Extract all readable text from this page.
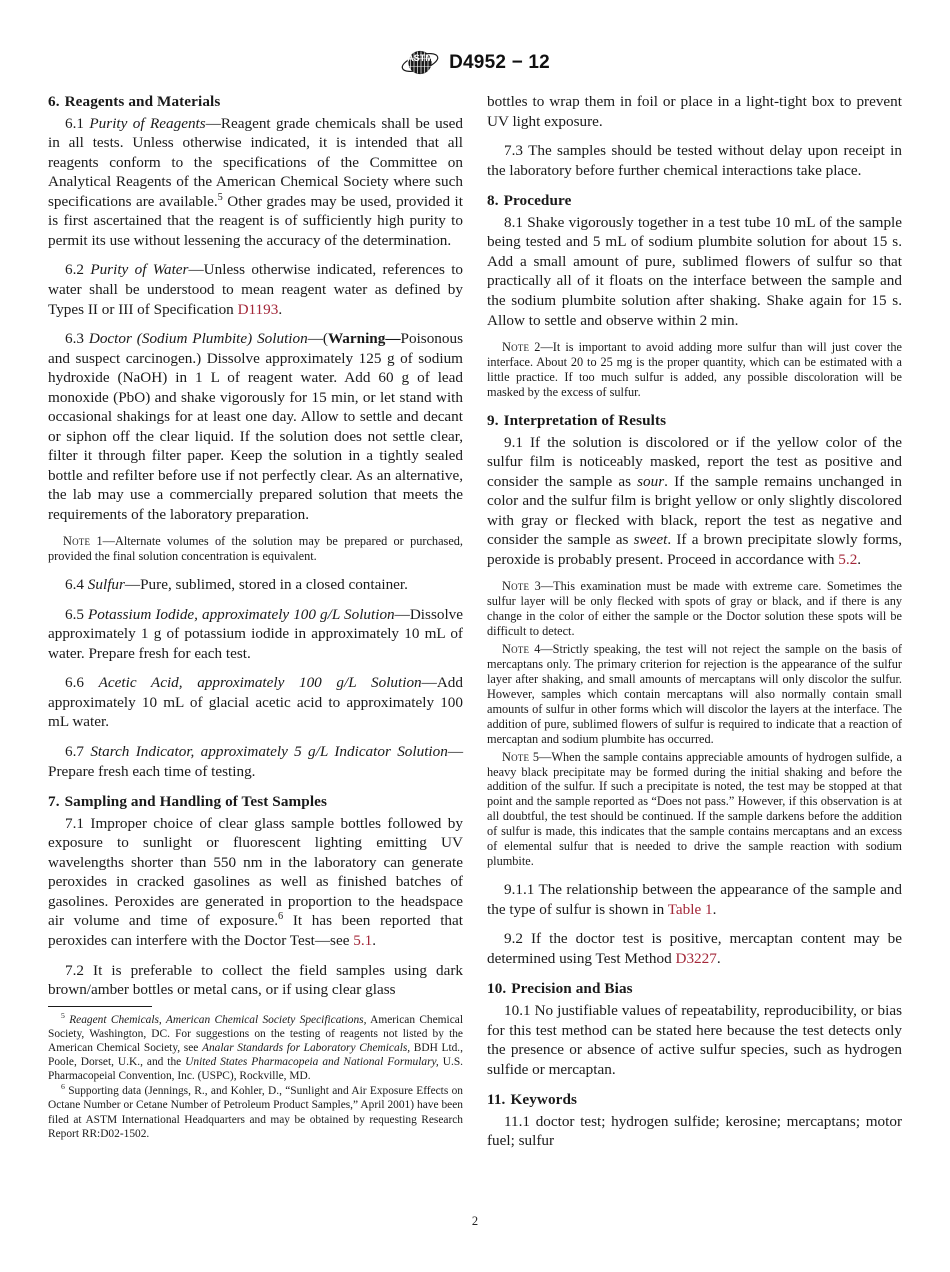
ASTM D4952 − 12
6. Reagents and Materials

6.1 Purity of Reagents—Reagent grade chemicals shall be used in all tests. Unless otherwise indicated, it is intended that all reagents conform to the specifications of the Committee on Analytical Reagents of the American Chemical Society where such specifications are available.$^5$ Other grades may be used, provided it is first ascertained that the reagent is of sufficiently high purity to permit its use without lessening the accuracy of the determination.

6.2 Purity of Water—Unless otherwise indicated, references to water shall be understood to mean reagent water as defined by Types II or III of Specification D1193.

6.3 Doctor (Sodium Plumbite) Solution—(Warning—Poisonous and suspect carcinogen.) Dissolve approximately 125 g of sodium hydroxide (NaOH) in 1 L of reagent water. Add 60 g of lead monoxide (PbO) and shake vigorously for 15 min, or let stand with occasional shakings for at least one day. Allow to settle and decant or siphon off the clear liquid. If the solution does not settle clear, filter it through filter paper. Keep the solution in a tightly sealed bottle and refilter before use if not perfectly clear. As an alternative, the lab may use a commercially prepared solution that meets the requirements of the laboratory preparation.

Note 1—Alternate volumes of the solution may be prepared or purchased, provided the final solution concentration is equivalent.

6.4 Sulfur—Pure, sublimed, stored in a closed container.

6.5 Potassium Iodide, approximately 100 g/L Solution—Dissolve approximately 1 g of potassium iodide in approximately 10 mL of water. Prepare fresh for each test.

6.6 Acetic Acid, approximately 100 g/L Solution—Add approximately 10 mL of glacial acetic acid to approximately 100 mL water.

6.7 Starch Indicator, approximately 5 g/L Indicator Solution—Prepare fresh each time of testing.

7. Sampling and Handling of Test Samples

7.1 Improper choice of clear glass sample bottles followed by exposure to sunlight or fluorescent lighting emitting UV wavelengths shorter than 550 nm in the laboratory can generate peroxides in cracked gasolines as well as finished batches of gasolines. Peroxides are generated in proportion to the headspace air volume and time of exposure.$^6$ It has been reported that peroxides can interfere with the Doctor Test—see 5.1.

7.2 It is preferable to collect the field samples using dark brown/amber bottles or metal cans, or if using clear glass

bottles to wrap them in foil or place in a light-tight box to prevent UV light exposure.

7.3 The samples should be tested without delay upon receipt in the laboratory before further chemical interactions take place.

8. Procedure

8.1 Shake vigorously together in a test tube 10 mL of the sample being tested and 5 mL of sodium plumbite solution for about 15 s. Add a small amount of pure, sublimed flowers of sulfur so that practically all of it floats on the interface between the sample and the sodium plumbite solution after shaking. Shake again for 15 s. Allow to settle and observe within 2 min.

Note 2—It is important to avoid adding more sulfur than will just cover the interface. About 20 to 25 mg is the proper quantity, which can be estimated with a little practice. If too much sulfur is added, any possible discoloration will be masked by the excess of sulfur.

9. Interpretation of Results

9.1 If the solution is discolored or if the yellow color of the sulfur film is noticeably masked, report the test as positive and consider the sample as sour. If the sample remains unchanged in color and the sulfur film is bright yellow or only slightly discolored with gray or flecked with black, report the test as negative and consider the sample as sweet. If a brown precipitate slowly forms, peroxide is probably present. Proceed in accordance with 5.2.

Note 3—This examination must be made with extreme care. Sometimes the sulfur layer will be only flecked with spots of gray or black, and if there is any change in the color of either the sample or the Doctor solution these spots will be difficult to detect.

Note 4—Strictly speaking, the test will not reject the sample on the basis of mercaptans only. The primary criterion for rejection is the appearance of the sulfur layer after shaking, and small amounts of mercaptans will only discolor the sulfur. However, samples which contain mercaptans will also normally contain small amounts of sulfur in other forms which will discolor the layers at the interface. The addition of pure, sublimed flowers of sulfur is required to indicate that a reaction of mercaptan and sodium plumbite has occurred.

Note 5—When the sample contains appreciable amounts of hydrogen sulfide, a heavy black precipitate may be formed during the initial shaking and before the addition of the sulfur. If such a precipitate is noted, the test may be stopped at that point and the sample reported as “Does not pass.” However, if this observation is at all doubtful, the test should be continued. If the sample darkens before the addition of sulfur is made, this indicates that the sample contains mercaptans and an excess of elemental sulfur that is needed to drive the sample reaction with sodium plumbite.

9.1.1 The relationship between the appearance of the sample and the type of sulfur is shown in Table 1.

9.2 If the doctor test is positive, mercaptan content may be determined using Test Method D3227.

10. Precision and Bias

10.1 No justifiable values of repeatability, reproducibility, or bias for this test method can be stated here because the test detects only the presence or absence of active sulfur species, such as hydrogen sulfide or mercaptan.

11. Keywords

11.1 doctor test; hydrogen sulfide; kerosine; mercaptans; motor fuel; sulfur

$^5$ Reagent Chemicals, American Chemical Society Specifications, American Chemical Society, Washington, DC. For suggestions on the testing of reagents not listed by the American Chemical Society, see Analar Standards for Laboratory Chemicals, BDH Ltd., Poole, Dorset, U.K., and the United States Pharmacopeia and National Formulary, U.S. Pharmacopeial Convention, Inc. (USPC), Rockville, MD.

$^6$ Supporting data (Jennings, R., and Kohler, D., “Sunlight and Air Exposure Effects on Octane Number or Cetane Number of Petroleum Product Samples,” April 2001) have been filed at ASTM International Headquarters and may be obtained by requesting Research Report RR:D02-1502.

2
